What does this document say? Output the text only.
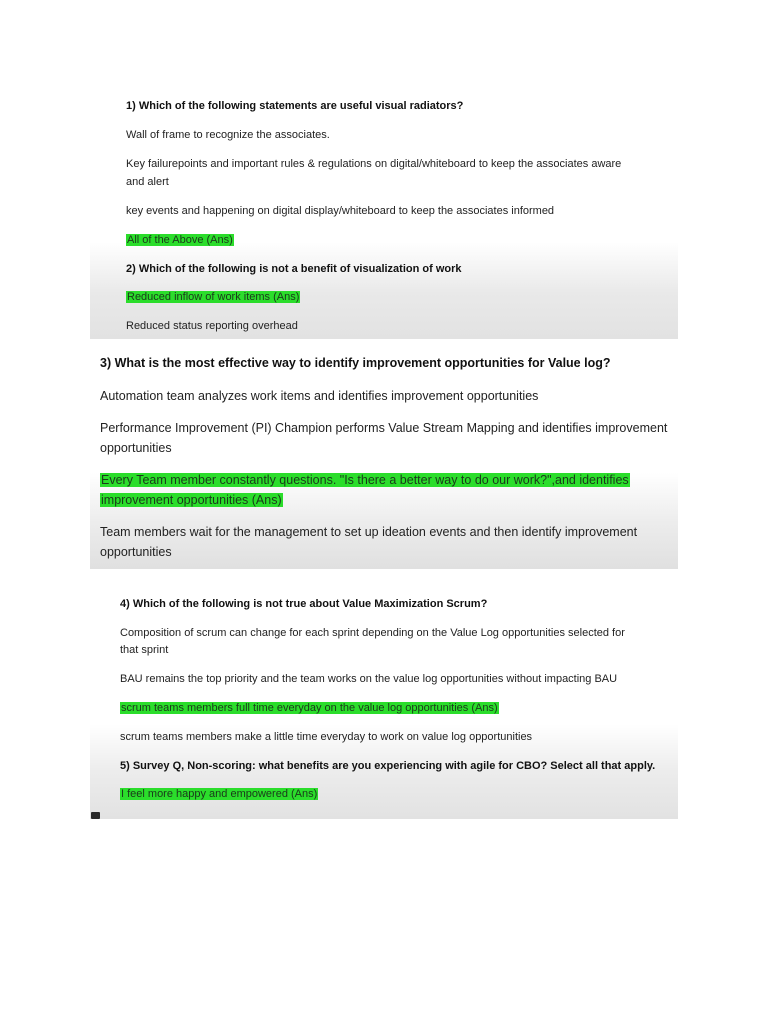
1) Which of the following statements are useful visual radiators?

Wall of frame to recognize the associates.

Key failurepoints and important rules & regulations on digital/whiteboard to keep the associates aware

and alert

key events and happening on digital display/whiteboard to keep the associates informed

All of the Above (Ans)

2) Which of the following is not a benefit of visualization of work

Reduced inflow of work items (Ans)

Reduced status reporting overhead

3) What is the most effective way to identify improvement opportunities for Value log?

Automation team analyzes work items and identifies improvement opportunities

Performance Improvement (PI) Champion performs Value Stream Mapping and identifies improvement

opportunities

Every Team member constantly questions. "Is there a better way to do our work?",and identifies

improvement opportunities (Ans)

Team members wait for the management to set up ideation events and then identify improvement

opportunities

4) Which of the following is not true about Value Maximization Scrum?

Composition of scrum can change for each sprint depending on the Value Log opportunities selected for

that sprint

BAU remains the top priority and the team works on the value log opportunities without impacting BAU

scrum teams members full time everyday on the value log opportunities (Ans)

scrum teams members make a little time everyday to work on value log opportunities

5) Survey Q, Non-scoring: what benefits are you experiencing with agile for CBO? Select all that apply.

I feel more happy and empowered (Ans)
